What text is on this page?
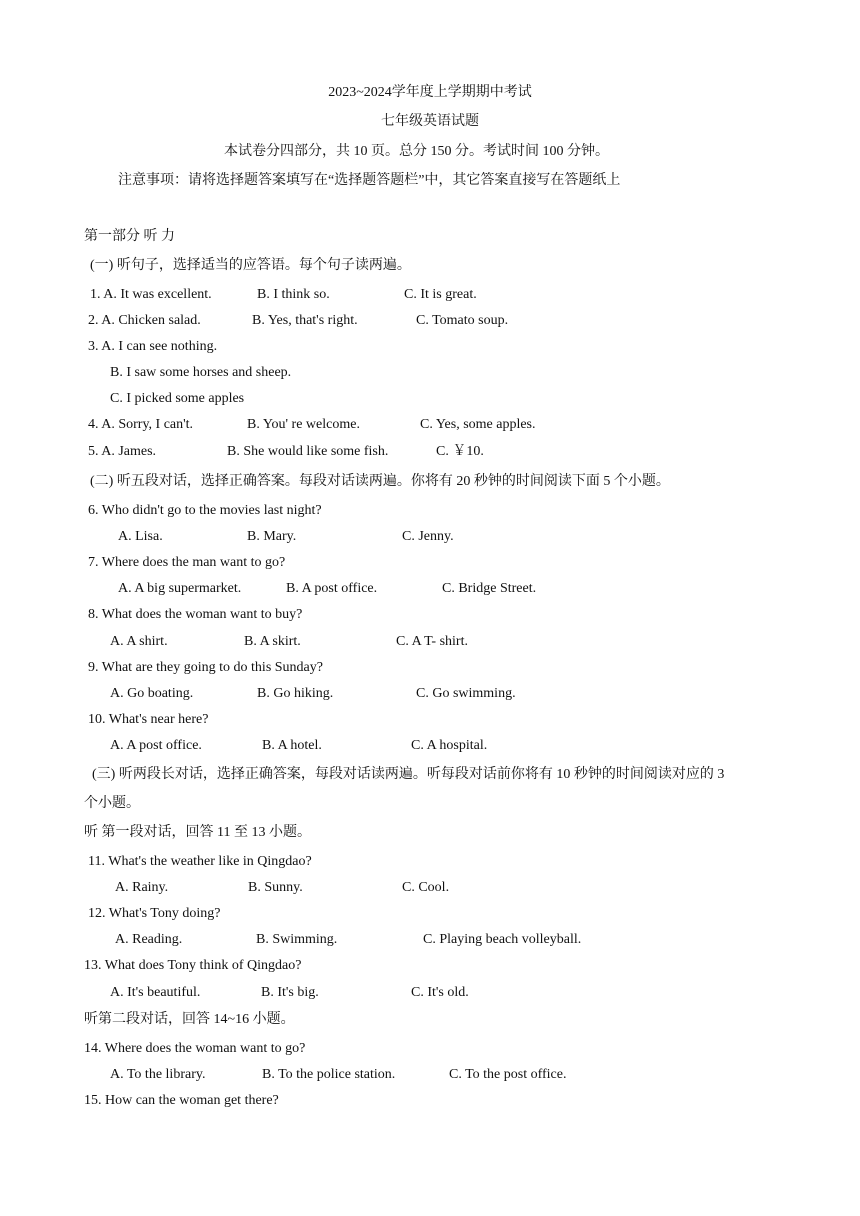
2023~2024学年度上学期期中考试
七年级英语试题
本试卷分四部分，共 10 页。总分 150 分。考试时间 100 分钟。
注意事项：请将选择题答案填写在“选择题答题栏”中，其它答案直接写在答题纸上
第一部分 听 力
(一) 听句子，选择适当的应答语。每个句子读两遍。
1. A. It was excellent.	B. I think so.	C. It is great.
2. A. Chicken salad.	B. Yes, that's right.	C. Tomato soup.
3. A. I can see nothing.
B. I saw some horses and sheep.
C. I picked some apples
4. A. Sorry, I can't.	B. You' re welcome.	C. Yes, some apples.
5. A. James.	B. She would like some fish.	C. ￥10.
(二) 听五段对话，选择正确答案。每段对话读两遍。你将有 20 秒钟的时间阅读下面 5 个小题。
6. Who didn't go to the movies last night?
A. Lisa.	B. Mary.	C. Jenny.
7. Where does the man want to go?
A. A big supermarket.	B. A post office.	C. Bridge Street.
8. What does the woman want to buy?
A. A shirt.	B. A skirt.	C. A T- shirt.
9. What are they going to do this Sunday?
A. Go boating.	B. Go hiking.	C. Go swimming.
10. What's near here?
A. A post office.	B. A hotel.	C. A hospital.
(三) 听两段长对话，选择正确答案，每段对话读两遍。听每段对话前你将有 10 秒钟的时间阅读对应的 3
个小题。
听 第一段对话，回答 11 至 13 小题。
11. What's the weather like in Qingdao?
A. Rainy.	B. Sunny.	C. Cool.
12. What's Tony doing?
A. Reading.	B. Swimming.	C. Playing beach volleyball.
13. What does Tony think of Qingdao?
A. It's beautiful.	B. It's big.	C. It's old.
听第二段对话，回答 14~16 小题。
14. Where does the woman want to go?
A. To the library.	B. To the police station.	C. To the post office.
15. How can the woman get there?
